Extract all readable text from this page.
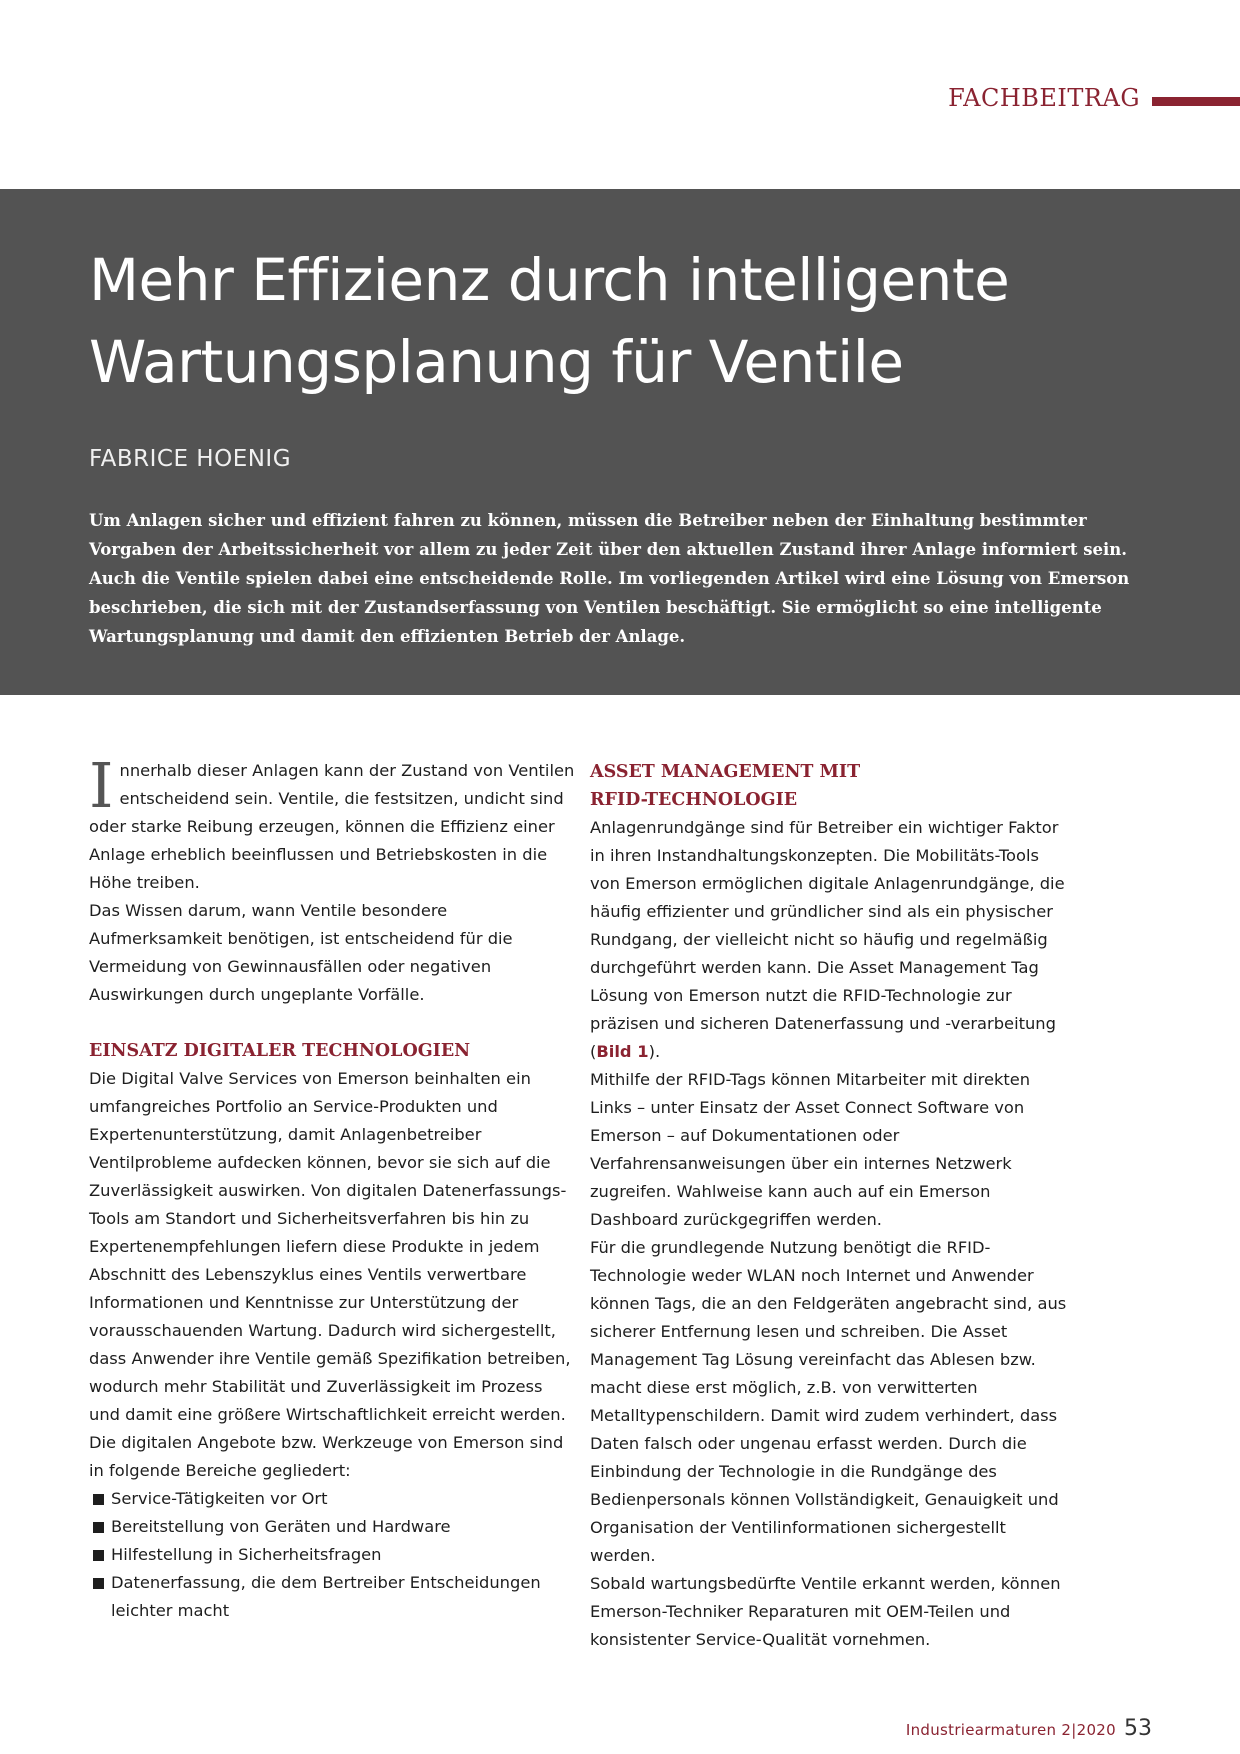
FACHBEITRAG
Mehr Effizienz durch intelligente
Wartungsplanung für Ventile
FABRICE HOENIG

Um Anlagen sicher und effizient fahren zu können, müssen die Betreiber neben der Einhaltung bestimmter Vorgaben der Arbeitssicherheit vor allem zu jeder Zeit über den aktuellen Zustand ihrer Anlage informiert sein. Auch die Ventile spielen dabei eine entscheidende Rolle. Im vorliegenden Artikel wird eine Lösung von Emerson beschrieben, die sich mit der Zustandserfassung von Ventilen beschäftigt. Sie ermöglicht so eine intelligente Wartungsplanung und damit den effizienten Betrieb der Anlage.

Innerhalb dieser Anlagen kann der Zustand von Ventilen entscheidend sein. Ventile, die festsitzen, undicht sind oder starke Reibung erzeugen, können die Effizienz einer Anlage erheblich beeinflussen und Betriebskosten in die Höhe treiben.

Das Wissen darum, wann Ventile besondere Aufmerksamkeit benötigen, ist entscheidend für die Vermeidung von Gewinnausfällen oder negativen Auswirkungen durch ungeplante Vorfälle.

EINSATZ DIGITALER TECHNOLOGIEN

Die Digital Valve Services von Emerson beinhalten ein umfangreiches Portfolio an Service-Produkten und Expertenunterstützung, damit Anlagenbetreiber Ventilprobleme aufdecken können, bevor sie sich auf die Zuverlässigkeit auswirken. Von digitalen Datenerfassungs-Tools am Standort und Sicherheitsverfahren bis hin zu Expertenempfehlungen liefern diese Produkte in jedem Abschnitt des Lebenszyklus eines Ventils verwertbare Informationen und Kenntnisse zur Unterstützung der vorausschauenden Wartung. Dadurch wird sichergestellt, dass Anwender ihre Ventile gemäß Spezifikation betreiben, wodurch mehr Stabilität und Zuverlässigkeit im Prozess und damit eine größere Wirtschaftlichkeit erreicht werden.

Die digitalen Angebote bzw. Werkzeuge von Emerson sind in folgende Bereiche gegliedert:

Service-Tätigkeiten vor Ort
Bereitstellung von Geräten und Hardware
Hilfestellung in Sicherheitsfragen
Datenerfassung, die dem Bertreiber Entscheidungen leichter macht
ASSET MANAGEMENT MIT
RFID-TECHNOLOGIE

Anlagenrundgänge sind für Betreiber ein wichtiger Faktor in ihren Instandhaltungskonzepten. Die Mobilitäts-Tools von Emerson ermöglichen digitale Anlagenrundgänge, die häufig effizienter und gründlicher sind als ein physischer Rundgang, der vielleicht nicht so häufig und regelmäßig durchgeführt werden kann. Die Asset Management Tag Lösung von Emerson nutzt die RFID-Technologie zur präzisen und sicheren Datenerfassung und -verarbeitung (Bild 1).

Mithilfe der RFID-Tags können Mitarbeiter mit direkten Links – unter Einsatz der Asset Connect Software von Emerson – auf Dokumentationen oder Verfahrensanweisungen über ein internes Netzwerk zugreifen. Wahlweise kann auch auf ein Emerson Dashboard zurückgegriffen werden.

Für die grundlegende Nutzung benötigt die RFID-Technologie weder WLAN noch Internet und Anwender können Tags, die an den Feldgeräten angebracht sind, aus sicherer Entfernung lesen und schreiben. Die Asset Management Tag Lösung vereinfacht das Ablesen bzw. macht diese erst möglich, z.B. von verwitterten Metalltypenschildern. Damit wird zudem verhindert, dass Daten falsch oder ungenau erfasst werden. Durch die Einbindung der Technologie in die Rundgänge des Bedienpersonals können Vollständigkeit, Genauigkeit und Organisation der Ventilinformationen sichergestellt werden.

Sobald wartungsbedürfte Ventile erkannt werden, können Emerson-Techniker Reparaturen mit OEM-Teilen und konsistenter Service-Qualität vornehmen.

Industriearmaturen 2|2020 53
